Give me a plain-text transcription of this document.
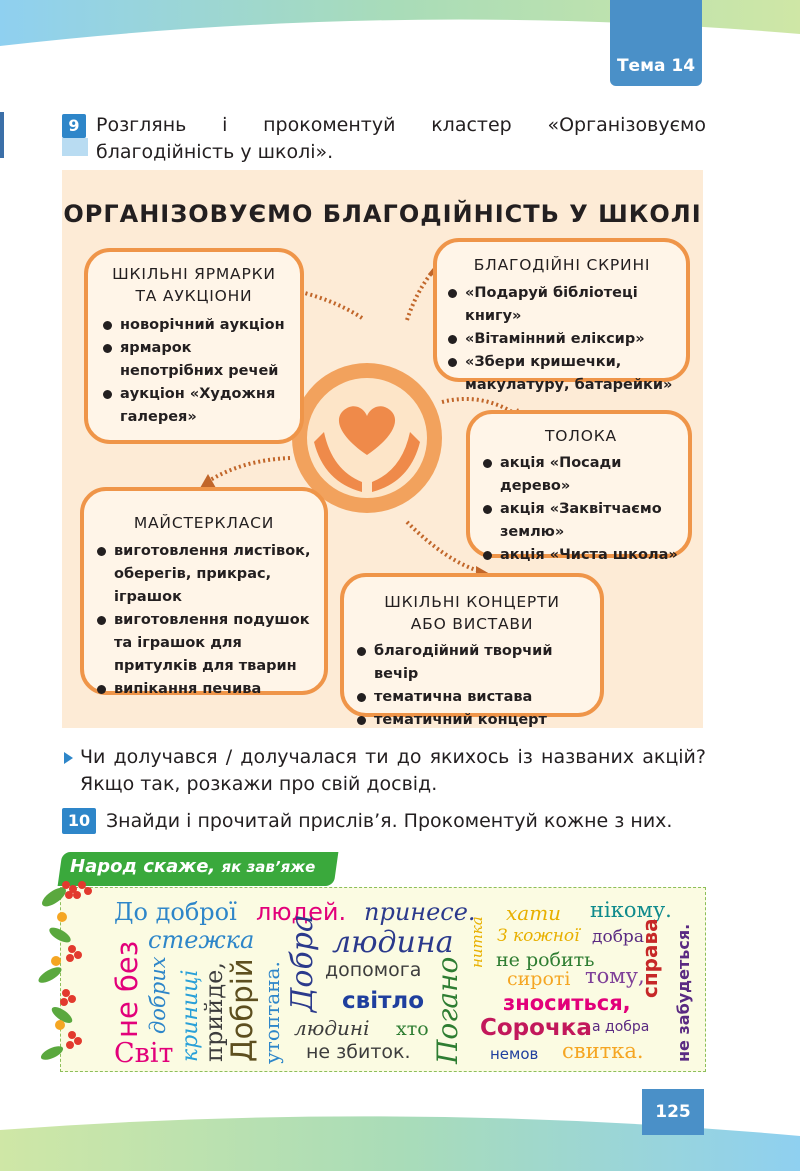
Тема 14
9 Розглянь і прокоментуй кластер «Організовуємо благодійність у школі».
ОРГАНІЗОВУЄМО БЛАГОДІЙНІСТЬ У ШКОЛІ
ШКІЛЬНІ ЯРМАРКИ ТА АУКЦІОНИ
новорічний аукціон
ярмарок непотрібних речей
аукціон «Художня галерея»
БЛАГОДІЙНІ СКРИНІ
«Подаруй бібліотеці книгу»
«Вітамінний еліксир»
«Збери кришечки, макулатуру, батарейки»
ТОЛОКА
акція «Посади дерево»
акція «Заквітчаємо землю»
акція «Чиста школа»
МАЙСТЕРКЛАСИ
виготовлення листівок, оберегів, прикрас, іграшок
виготовлення подушок та іграшок для притулків для тварин
випікання печива
ШКІЛЬНІ КОНЦЕРТИ АБО ВИСТАВИ
благодійний творчий вечір
тематична вистава
тематичний концерт
Чи долучався / долучалася ти до якихось із названих акцій? Якщо так, розкажи про свій досвід.
10 Знайди і прочитай прислів’я. Прокоментуй кожне з них.
Народ скаже, як зав’яже
До доброї людей. принесе. хати нікому.
стежка	людина	З кожної добра
не робить
допомога	сироті тому,
світло	зноситься,
людині хто Сорочка а добра
Світ	не збиток.	немов свитка.
не без добрих криниці
прийде,
Добрій утоптана. Добра	Погано
нитка	справа не забудеться.
125
